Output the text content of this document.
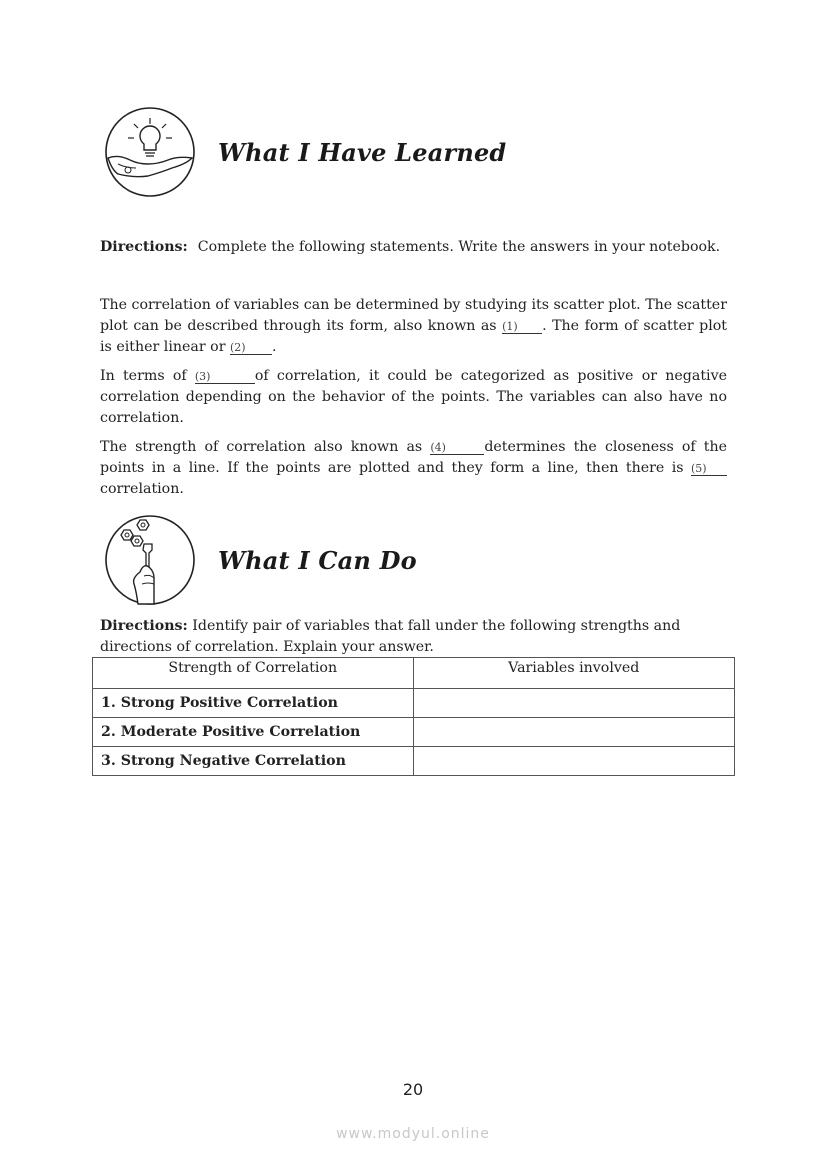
What I Have Learned
Directions: Complete the following statements. Write the answers in your notebook.
The correlation of variables can be determined by studying its scatter plot. The scatter plot can be described through its form, also known as (1) . The form of scatter plot is either linear or (2) .
In terms of (3)	of correlation, it could be categorized as positive or negative correlation depending on the behavior of the points. The variables can also have no correlation.
The strength of correlation also known as (4)	determines the closeness of the points in a line. If the points are plotted and they form a line, then there is (5) correlation.
What I Can Do
Directions: Identify pair of variables that fall under the following strengths and directions of correlation. Explain your answer.
Strength of Correlation	Variables involved
1. Strong Positive Correlation	
2. Moderate Positive Correlation	
3. Strong Negative Correlation	
20
www.modyul.online
